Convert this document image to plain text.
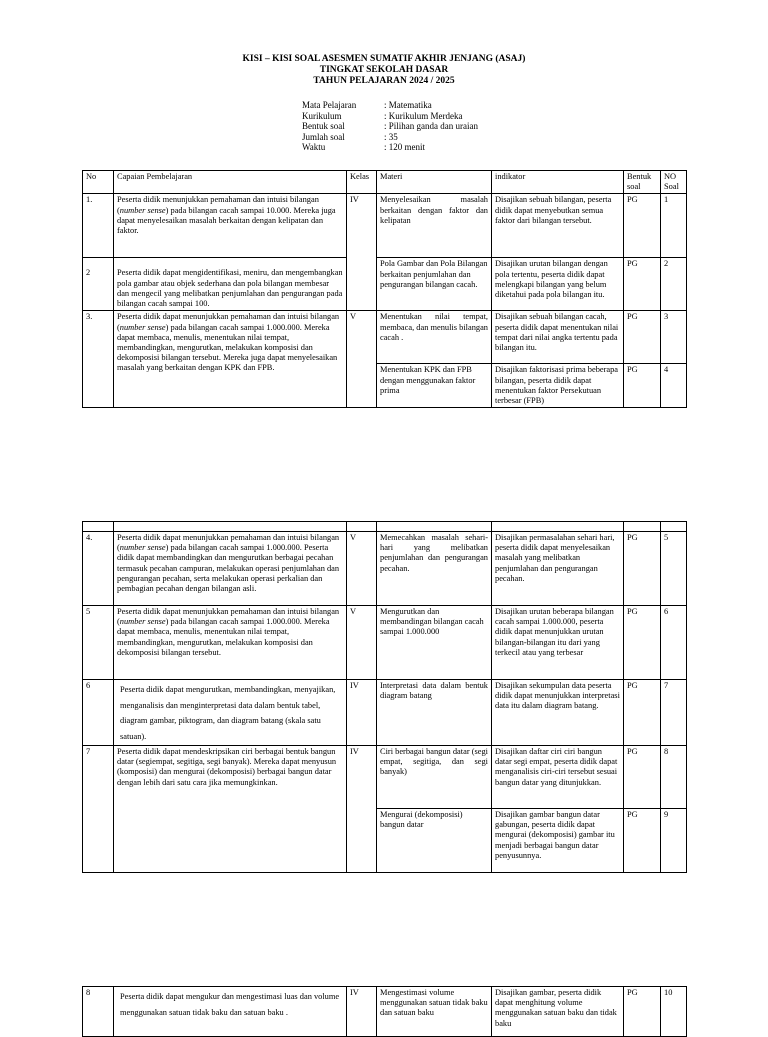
KISI – KISI SOAL ASESMEN SUMATIF AKHIR JENJANG (ASAJ)
TINGKAT SEKOLAH DASAR
TAHUN PELAJARAN 2024 / 2025
Mata Pelajaran	: Matematika
Kurikulum	: Kurikulum Merdeka
Bentuk soal	: Pilihan ganda dan uraian
Jumlah soal	: 35
Waktu	: 120 menit
No	Capaian Pembelajaran	Kelas	Materi	indikator	Bentuk soal	NO Soal
1.	Peserta didik menunjukkan pemahaman dan intuisi bilangan (number sense) pada bilangan cacah sampai 10.000. Mereka juga dapat menyelesaikan masalah berkaitan dengan kelipatan dan faktor.	IV	Menyelesaikan masalah berkaitan dengan faktor dan kelipatan	Disajikan sebuah bilangan, peserta didik dapat menyebutkan semua faktor dari bilangan tersebut.	PG	1
2	Peserta didik dapat mengidentifikasi, meniru, dan mengembangkan pola gambar atau objek sederhana dan pola bilangan membesar dan mengecil yang melibatkan penjumlahan dan pengurangan pada bilangan cacah sampai 100.		Pola Gambar dan Pola Bilangan berkaitan penjumlahan dan pengurangan bilangan cacah.	Disajikan urutan bilangan dengan pola tertentu, peserta didik dapat melengkapi bilangan yang belum diketahui pada pola bilangan itu.	PG	2
3.	Peserta didik dapat menunjukkan pemahaman dan intuisi bilangan (number sense) pada bilangan cacah sampai 1.000.000. Mereka dapat membaca, menulis, menentukan nilai tempat, membandingkan, mengurutkan, melakukan komposisi dan dekomposisi bilangan tersebut. Mereka juga dapat menyelesaikan masalah yang berkaitan dengan KPK dan FPB.	V	Menentukan nilai tempat, membaca, dan menulis bilangan cacah .	Disajikan sebuah bilangan cacah, peserta didik dapat menentukan nilai tempat dari nilai angka tertentu pada bilangan itu.	PG	3
			Menentukan KPK dan FPB dengan menggunakan faktor prima	Disajikan faktorisasi prima beberapa bilangan, peserta didik dapat menentukan faktor Persekutuan terbesar (FPB)	PG	4

4.	Peserta didik dapat menunjukkan pemahaman dan intuisi bilangan (number sense) pada bilangan cacah sampai 1.000.000. Peserta didik dapat membandingkan dan mengurutkan berbagai pecahan termasuk pecahan campuran, melakukan operasi penjumlahan dan pengurangan pecahan, serta melakukan operasi perkalian dan pembagian pecahan dengan bilangan asli.	V	Memecahkan masalah sehari-hari yang melibatkan penjumlahan dan pengurangan pecahan.	Disajikan permasalahan sehari hari, peserta didik dapat menyelesaikan masalah yang melibatkan penjumlahan dan pengurangan pecahan.	PG	5
5	Peserta didik dapat menunjukkan pemahaman dan intuisi bilangan (number sense) pada bilangan cacah sampai 1.000.000. Mereka dapat membaca, menulis, menentukan nilai tempat, membandingkan, mengurutkan, melakukan komposisi dan dekomposisi bilangan tersebut.	V	Mengurutkan dan membandingan bilangan cacah sampai 1.000.000	Disajikan urutan beberapa bilangan cacah sampai 1.000.000, peserta didik dapat menunjukkan urutan bilangan-bilangan itu dari yang terkecil atau yang terbesar	PG	6
6	Peserta didik dapat mengurutkan, membandingkan, menyajikan, menganalisis dan menginterpretasi data dalam bentuk tabel, diagram gambar, piktogram, dan diagram batang (skala satu satuan).	IV	Interpretasi data dalam bentuk diagram batang	Disajikan sekumpulan data peserta didik dapat menunjukkan interpretasi data itu dalam diagram batang.	PG	7
7	Peserta didik dapat mendeskripsikan ciri berbagai bentuk bangun datar (segiempat, segitiga, segi banyak). Mereka dapat menyusun (komposisi) dan mengurai (dekomposisi) berbagai bangun datar dengan lebih dari satu cara jika memungkinkan.	IV	Ciri berbagai bangun datar (segi empat, segitiga, dan segi banyak)	Disajikan daftar ciri ciri bangun datar segi empat, peserta didik dapat menganalisis ciri-ciri tersebut sesuai bangun datar yang ditunjukkan.	PG	8
			Mengurai (dekomposisi) bangun datar	Disajikan gambar bangun datar gabungan, peserta didik dapat mengurai (dekomposisi) gambar itu menjadi berbagai bangun datar penyusunnya.	PG	9
8	Peserta didik dapat mengukur dan mengestimasi luas dan volume menggunakan satuan tidak baku dan satuan baku .	IV	Mengestimasi volume menggunakan satuan tidak baku dan satuan baku	Disajikan gambar, peserta didik dapat menghitung volume menggunakan satuan baku dan tidak baku	PG	10
